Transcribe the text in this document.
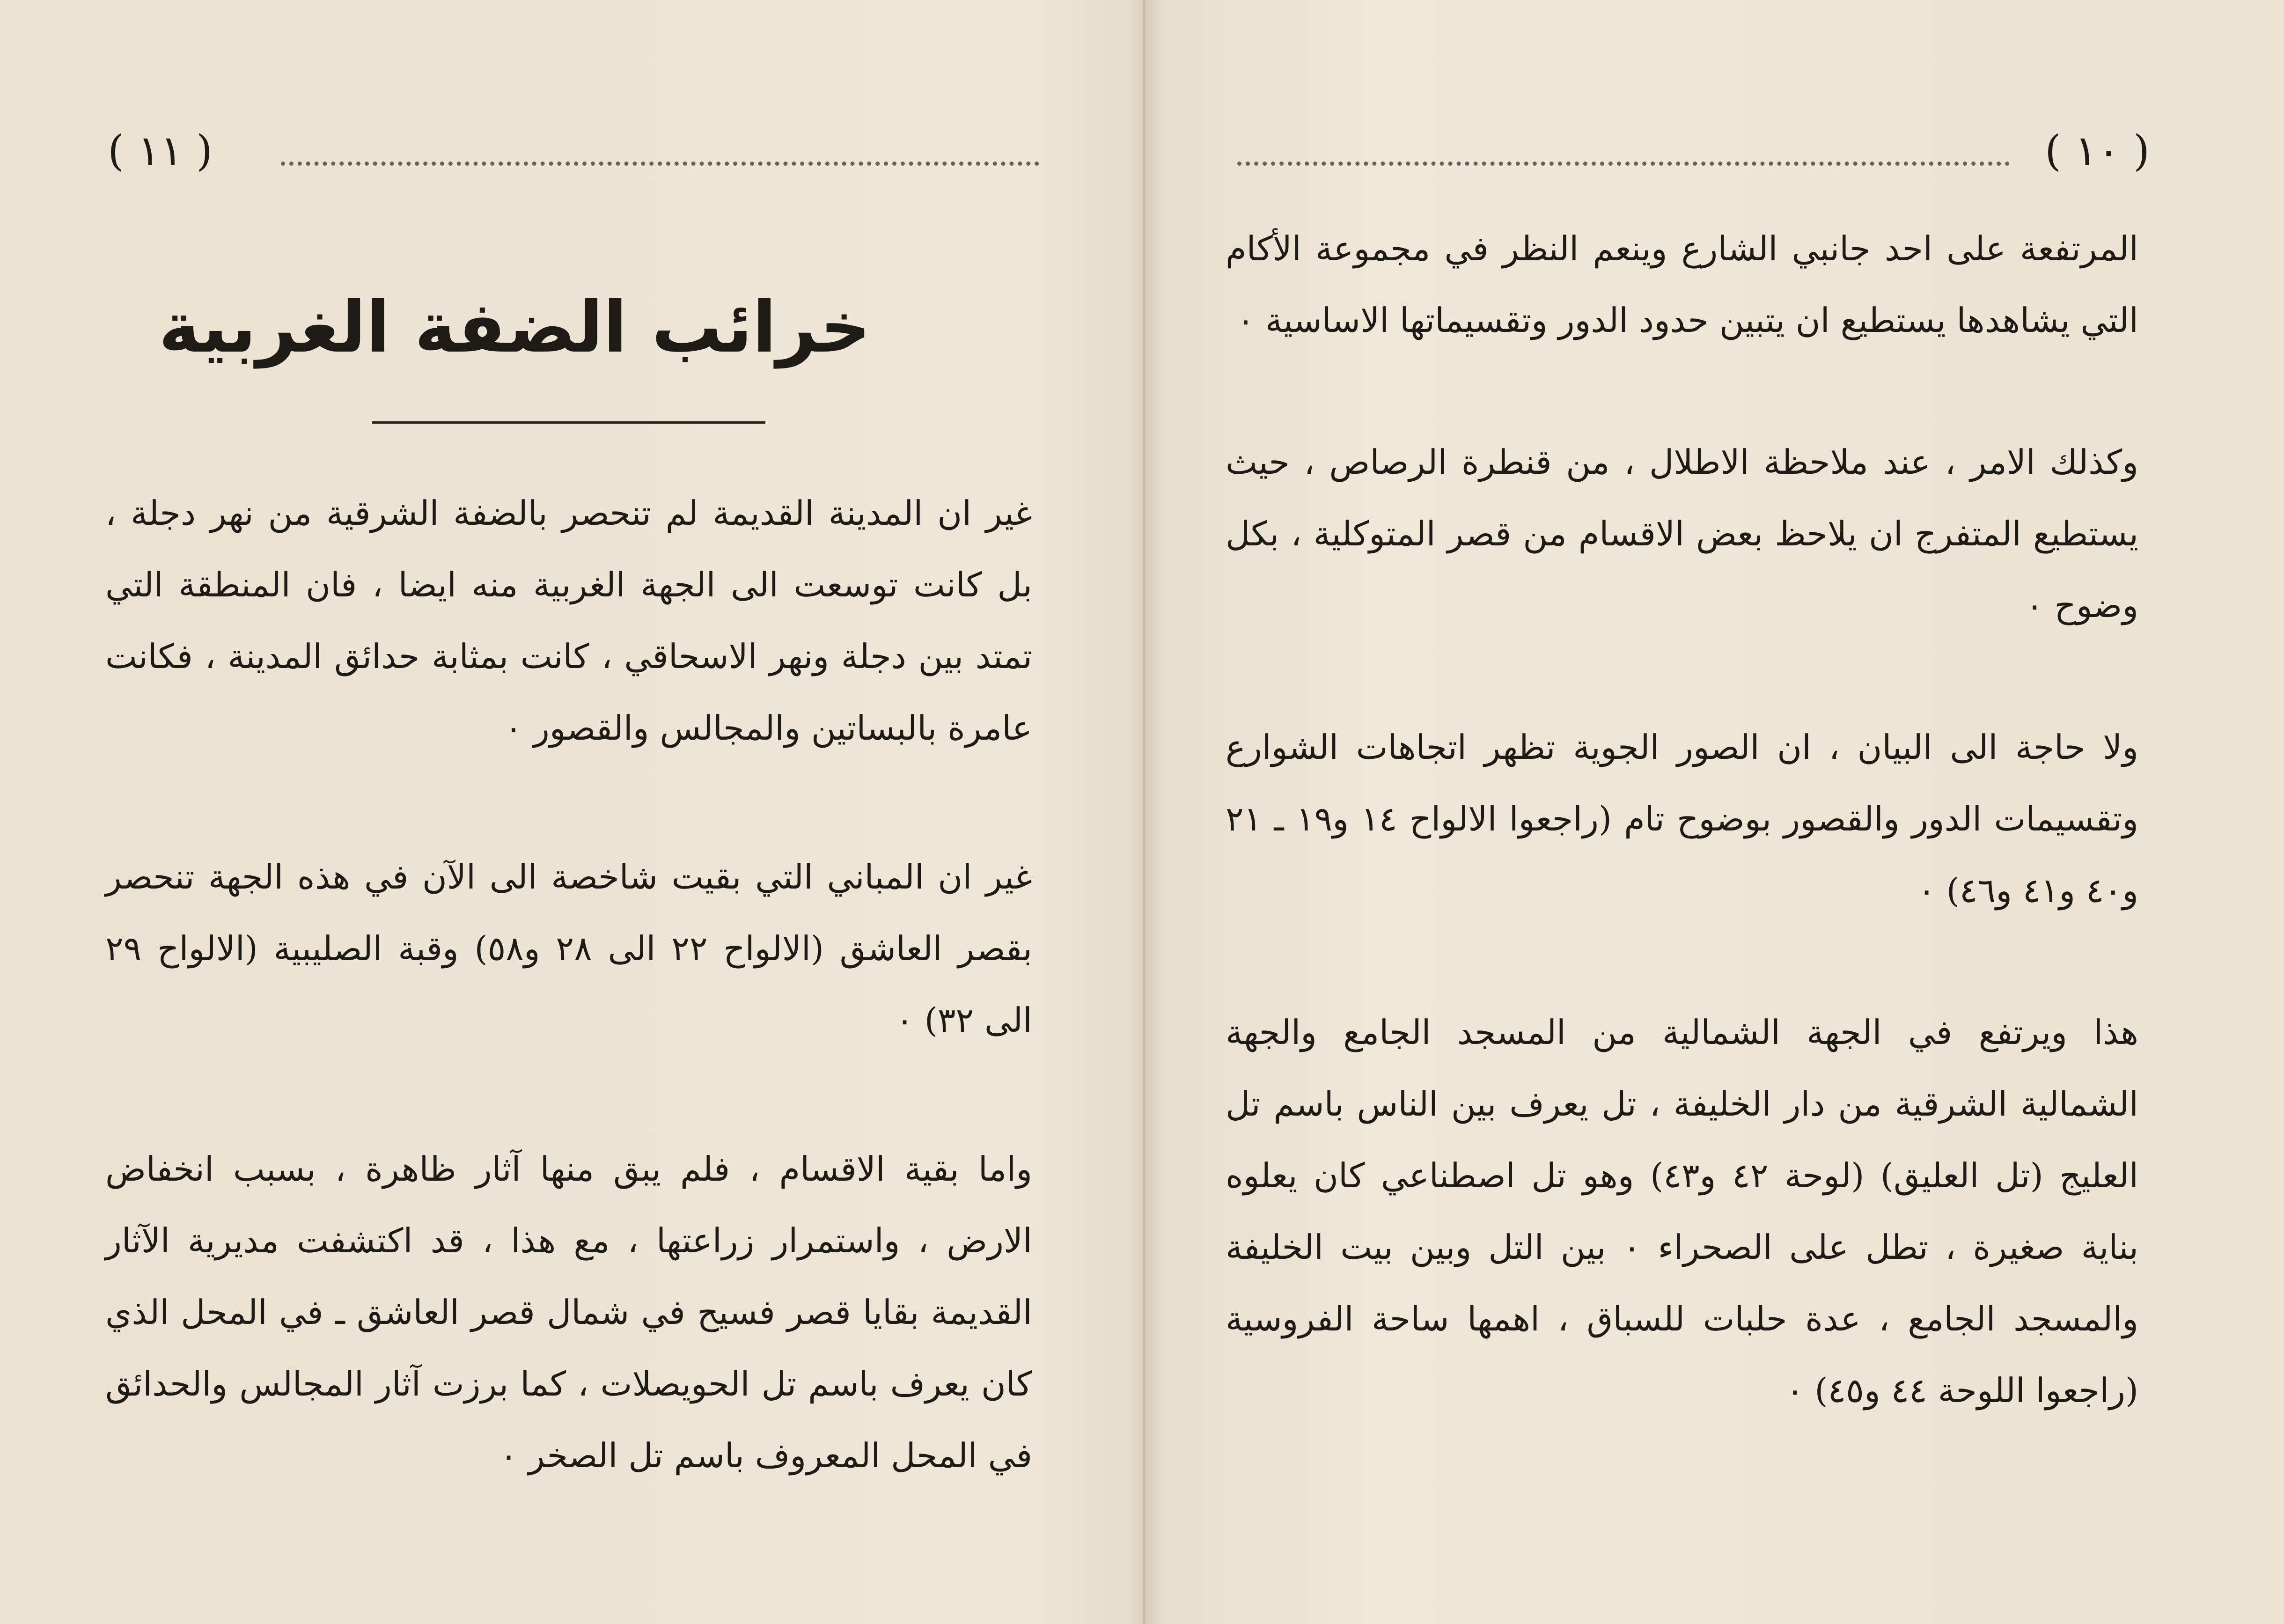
( ١١ )
خرائب الضفة الغربية

غير ان المدينة القديمة لم تنحصر بالضفة الشرقية من نهر دجلة ، بل كانت توسعت الى الجهة الغربية منه ايضا ، فان المنطقة التي تمتد بين دجلة ونهر الاسحاقي ، كانت بمثابة حدائق المدينة ، فكانت عامرة بالبساتين والمجالس والقصور ٠

غير ان المباني التي بقيت شاخصة الى الآن في هذه الجهة تنحصر بقصر العاشق (الالواح ٢٢ الى ٢٨ و٥٨) وقبة الصليبية (الالواح ٢٩ الى ٣٢) ٠

واما بقية الاقسام ، فلم يبق منها آثار ظاهرة ، بسبب انخفاض الارض ، واستمرار زراعتها ، مع هذا ، قد اكتشفت مديرية الآثار القديمة بقايا قصر فسيح في شمال قصر العاشق ـ في المحل الذي كان يعرف باسم تل الحويصلات ، كما برزت آثار المجالس والحدائق في المحل المعروف باسم تل الصخر ٠

( ١٠ )

المرتفعة على احد جانبي الشارع وينعم النظر في مجموعة الأكام التي يشاهدها يستطيع ان يتبين حدود الدور وتقسيماتها الاساسية ٠

وكذلك الامر ، عند ملاحظة الاطلال ، من قنطرة الرصاص ، حيث يستطيع المتفرج ان يلاحظ بعض الاقسام من قصر المتوكلية ، بكل وضوح ٠

ولا حاجة الى البيان ، ان الصور الجوية تظهر اتجاهات الشوارع وتقسيمات الدور والقصور بوضوح تام (راجعوا الالواح ١٤ و١٩ ـ ٢١ و٤٠ و٤١ و٤٦) ٠

هذا ويرتفع في الجهة الشمالية من المسجد الجامع والجهة الشمالية الشرقية من دار الخليفة ، تل يعرف بين الناس باسم تل العليج (تل العليق) (لوحة ٤٢ و٤٣) وهو تل اصطناعي كان يعلوه بناية صغيرة ، تطل على الصحراء ٠ بين التل وبين بيت الخليفة والمسجد الجامع ، عدة حلبات للسباق ، اهمها ساحة الفروسية (راجعوا اللوحة ٤٤ و٤٥) ٠
